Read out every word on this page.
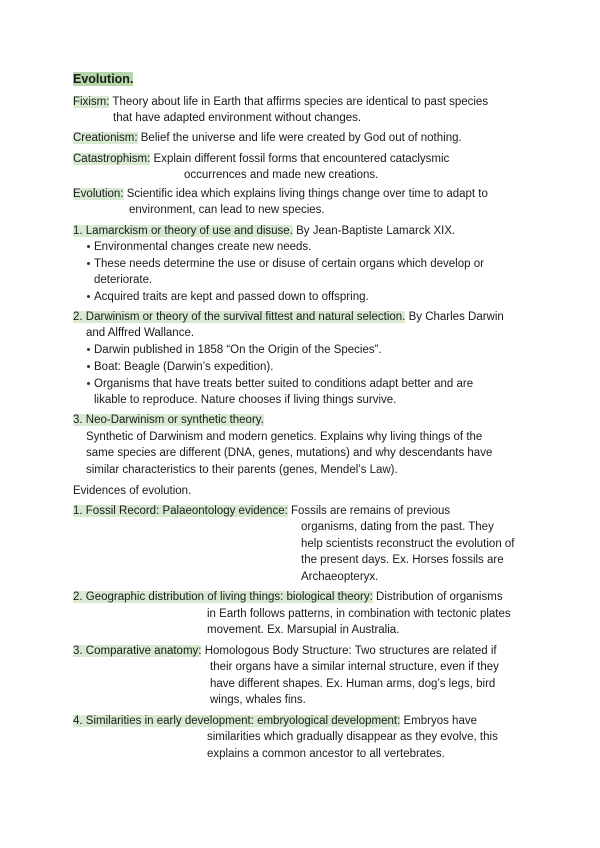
Evolution.
Fixism: Theory about life in Earth that affirms species are identical to past species
that have adapted environment without changes.
Creationism: Belief the universe and life were created by God out of nothing.
Catastrophism: Explain different fossil forms that encountered cataclysmic
occurrences and made new creations.
Evolution: Scientific idea which explains living things change over time to adapt to
environment, can lead to new species.
1. Lamarckism or theory of use and disuse. By Jean-Baptiste Lamarck XIX.
Environmental changes create new needs.
These needs determine the use or disuse of certain organs which develop or
deteriorate.
Acquired traits are kept and passed down to offspring.
2. Darwinism or theory of the survival fittest and natural selection. By Charles Darwin
and Alffred Wallance.
Darwin published in 1858 “On the Origin of the Species”.
Boat: Beagle (Darwin’s expedition).
Organisms that have treats better suited to conditions adapt better and are
likable to reproduce. Nature chooses if living things survive.
3. Neo-Darwinism or synthetic theory.
Synthetic of Darwinism and modern genetics. Explains why living things of the
same species are different (DNA, genes, mutations) and why descendants have
similar characteristics to their parents (genes, Mendel’s Law).
Evidences of evolution.
1. Fossil Record: Palaeontology evidence: Fossils are remains of previous
organisms, dating from the past. They
help scientists reconstruct the evolution of
the present days. Ex. Horses fossils are
Archaeopteryx.
2. Geographic distribution of living things: biological theory: Distribution of organisms
in Earth follows patterns, in combination with tectonic plates
movement. Ex. Marsupial in Australia.
3. Comparative anatomy: Homologous Body Structure: Two structures are related if
their organs have a similar internal structure, even if they
have different shapes. Ex. Human arms, dog’s legs, bird
wings, whales fins.
4. Similarities in early development: embryological development: Embryos have
similarities which gradually disappear as they evolve, this
explains a common ancestor to all vertebrates.
